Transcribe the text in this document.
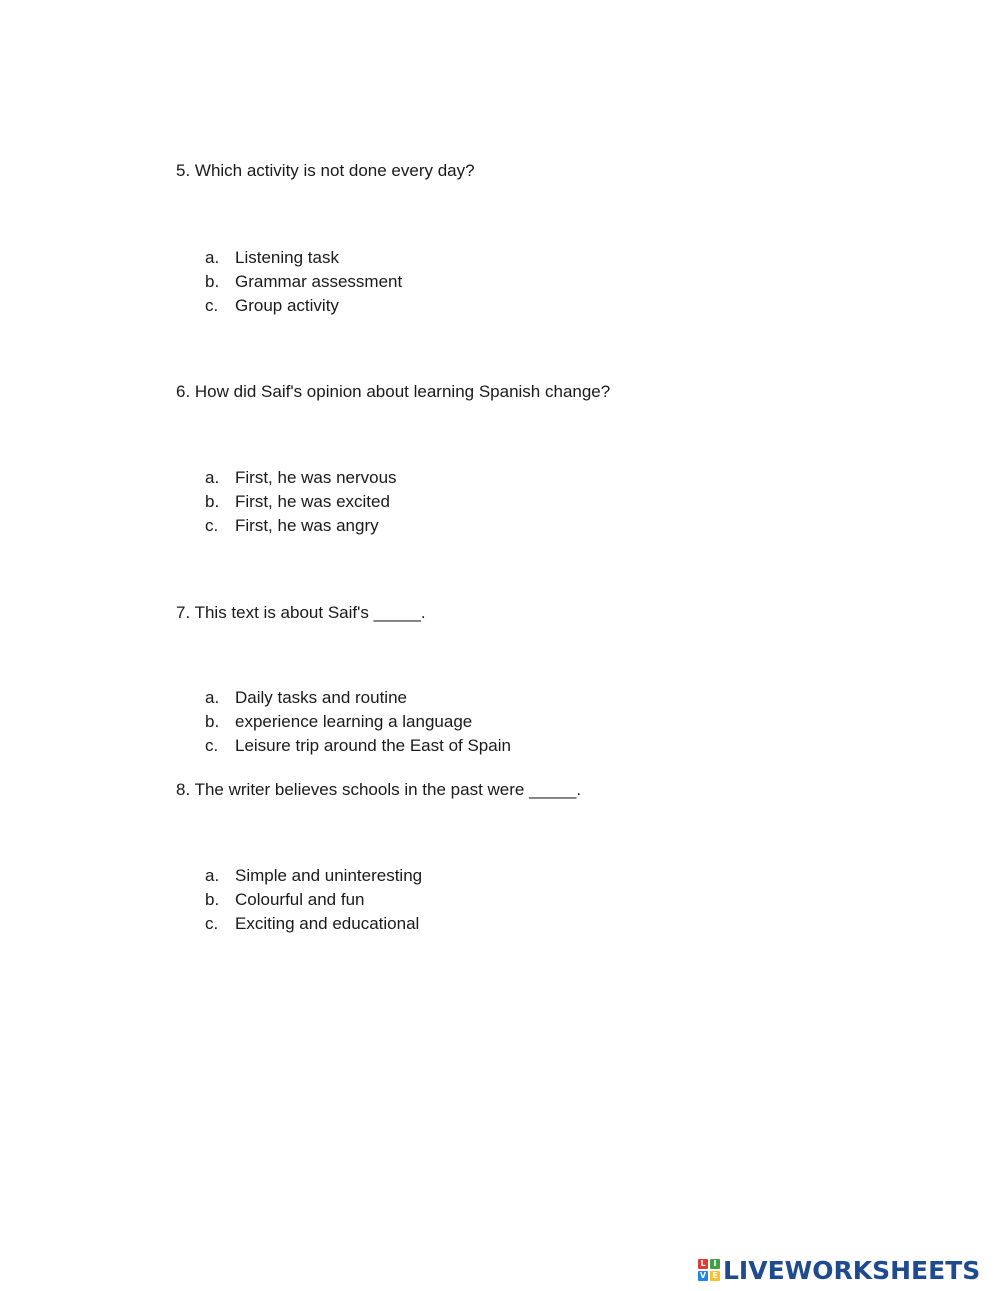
5. Which activity is not done every day?
a. Listening task
b. Grammar assessment
c. Group activity
6. How did Saif's opinion about learning Spanish change?
a. First, he was nervous
b. First, he was excited
c. First, he was angry
7. This text is about Saif's _____.
a. Daily tasks and routine
b. experience learning a language
c. Leisure trip around the East of Spain
8. The writer believes schools in the past were _____.
a. Simple and uninteresting
b. Colourful and fun
c. Exciting and educational
L I
V E LIVEWORKSHEETS
